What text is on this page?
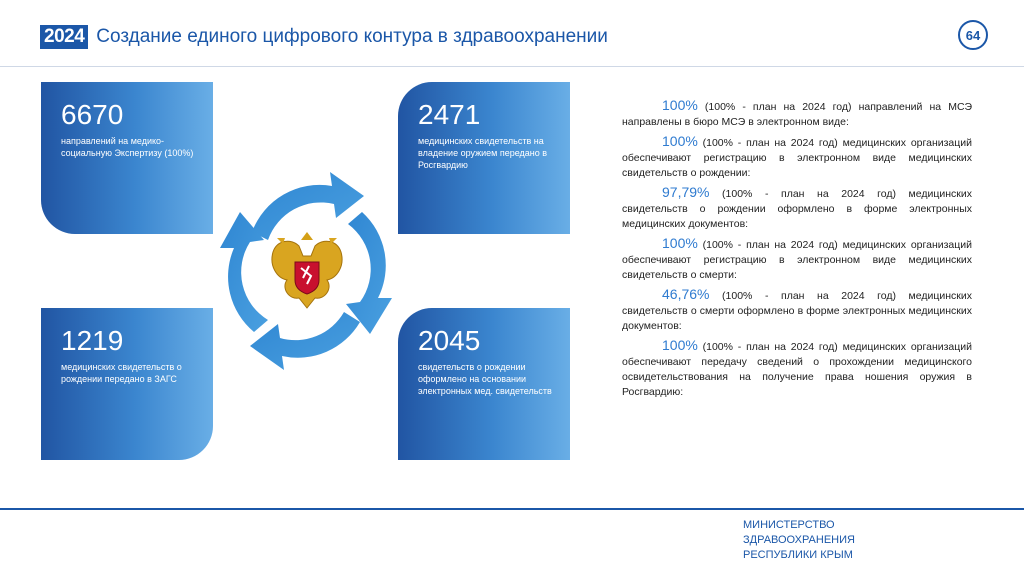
2024 Создание единого цифрового контура в здравоохранении	64
6670
направлений на медико-социальную Экспертизу (100%)
2471
медицинских свидетельств на владение оружием передано в Росгвардию
1219
медицинских свидетельств о рождении передано в ЗАГС
2045
свидетельств о рождении оформлено на основании электронных мед. свидетельств
100% (100% - план на 2024 год) направлений на МСЭ направлены в бюро МСЭ в электронном виде:
100% (100% - план на 2024 год) медицинских организаций обеспечивают регистрацию в электронном виде медицинских свидетельств о рождении:
97,79% (100% - план на 2024 год) медицинских свидетельств о рождении оформлено в форме электронных медицинских документов:
100% (100% - план на 2024 год) медицинских организаций обеспечивают регистрацию в электронном виде медицинских свидетельств о смерти:
46,76% (100% - план на 2024 год) медицинских свидетельств о смерти оформлено в форме электронных медицинских документов:
100% (100% - план на 2024 год) медицинских организаций обеспечивают передачу сведений о прохождении медицинского освидетельствования на получение права ношения оружия в Росгвардию:
МИНИСТЕРСТВО
ЗДРАВООХРАНЕНИЯ
РЕСПУБЛИКИ КРЫМ
